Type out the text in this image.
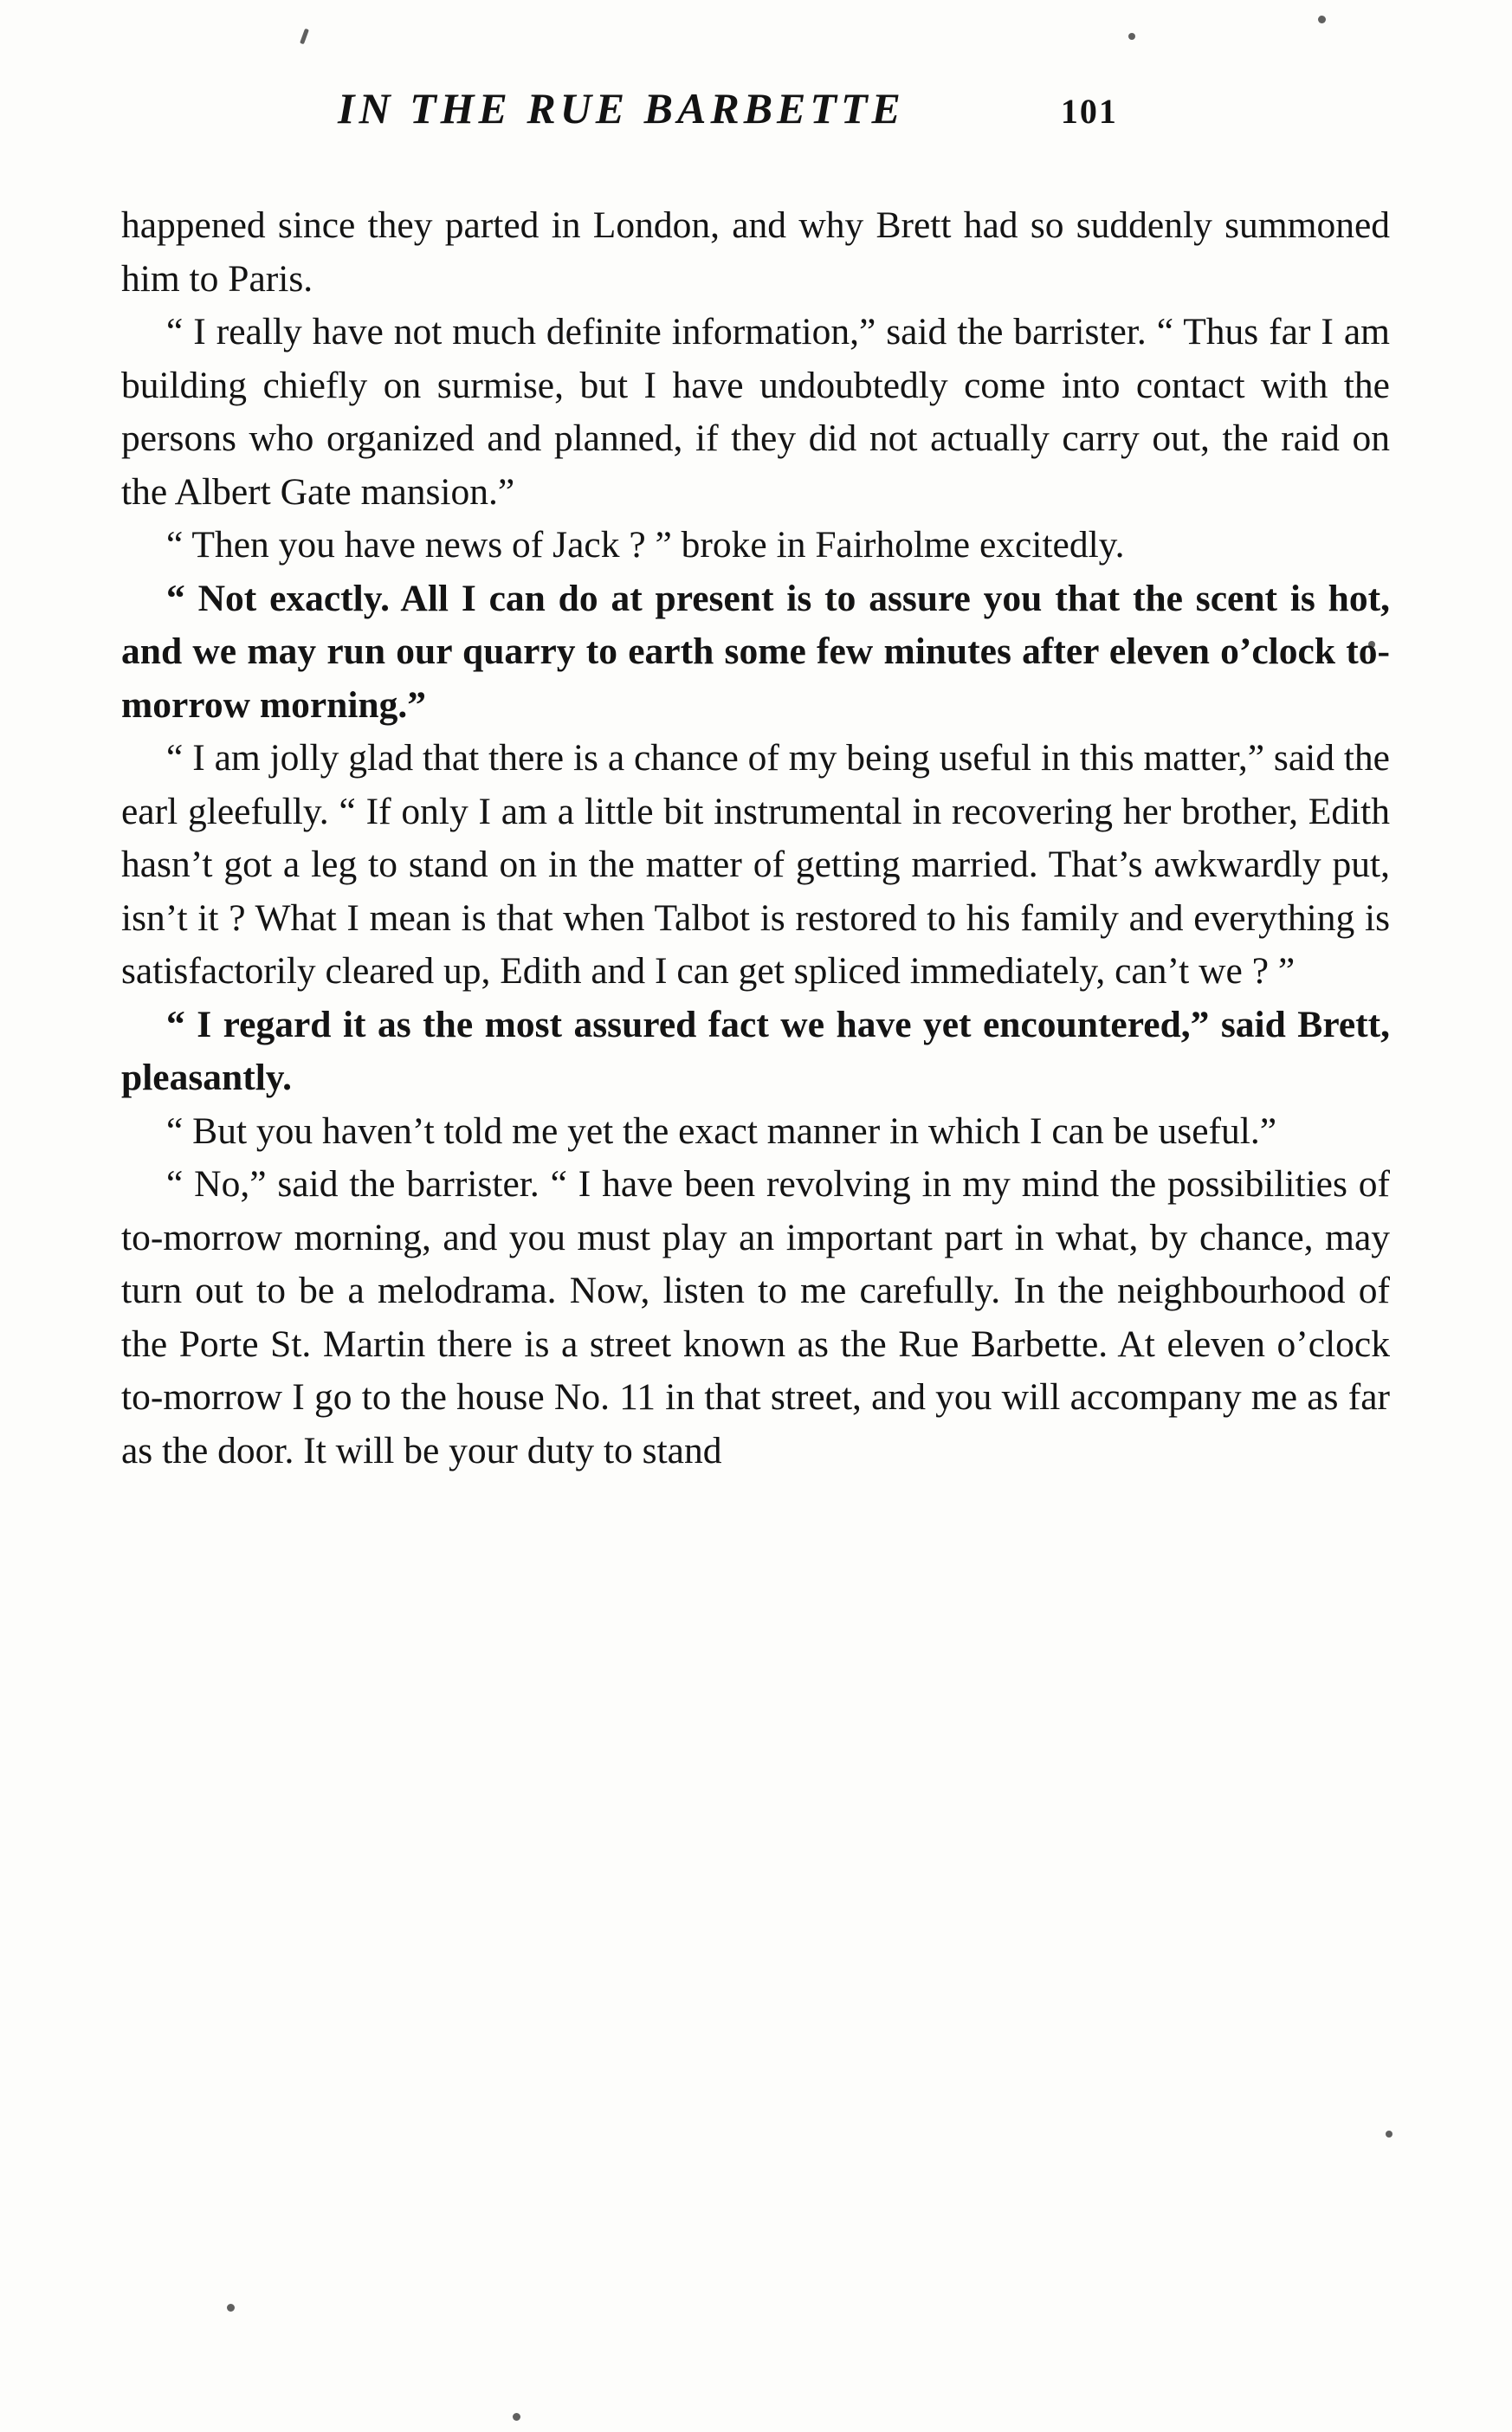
IN THE RUE BARBETTE	101

happened since they parted in London, and why Brett had so suddenly summoned him to Paris.

“ I really have not much definite information,” said the barrister. “ Thus far I am building chiefly on surmise, but I have undoubtedly come into contact with the persons who organized and planned, if they did not actually carry out, the raid on the Albert Gate mansion.”

“ Then you have news of Jack ? ” broke in Fairholme excitedly.

“ Not exactly. All I can do at present is to assure you that the scent is hot, and we may run our quarry to earth some few minutes after eleven o’clock to-morrow morning.”

“ I am jolly glad that there is a chance of my being useful in this matter,” said the earl gleefully. “ If only I am a little bit instrumental in recovering her brother, Edith hasn’t got a leg to stand on in the matter of getting married. That’s awkwardly put, isn’t it ? What I mean is that when Talbot is restored to his family and everything is satisfactorily cleared up, Edith and I can get spliced immediately, can’t we ? ”

“ I regard it as the most assured fact we have yet encountered,” said Brett, pleasantly.

“ But you haven’t told me yet the exact manner in which I can be useful.”

“ No,” said the barrister. “ I have been revolving in my mind the possibilities of to-morrow morning, and you must play an important part in what, by chance, may turn out to be a melodrama. Now, listen to me carefully. In the neighbourhood of the Porte St. Martin there is a street known as the Rue Barbette. At eleven o’clock to-morrow I go to the house No. 11 in that street, and you will accompany me as far as the door. It will be your duty to stand
